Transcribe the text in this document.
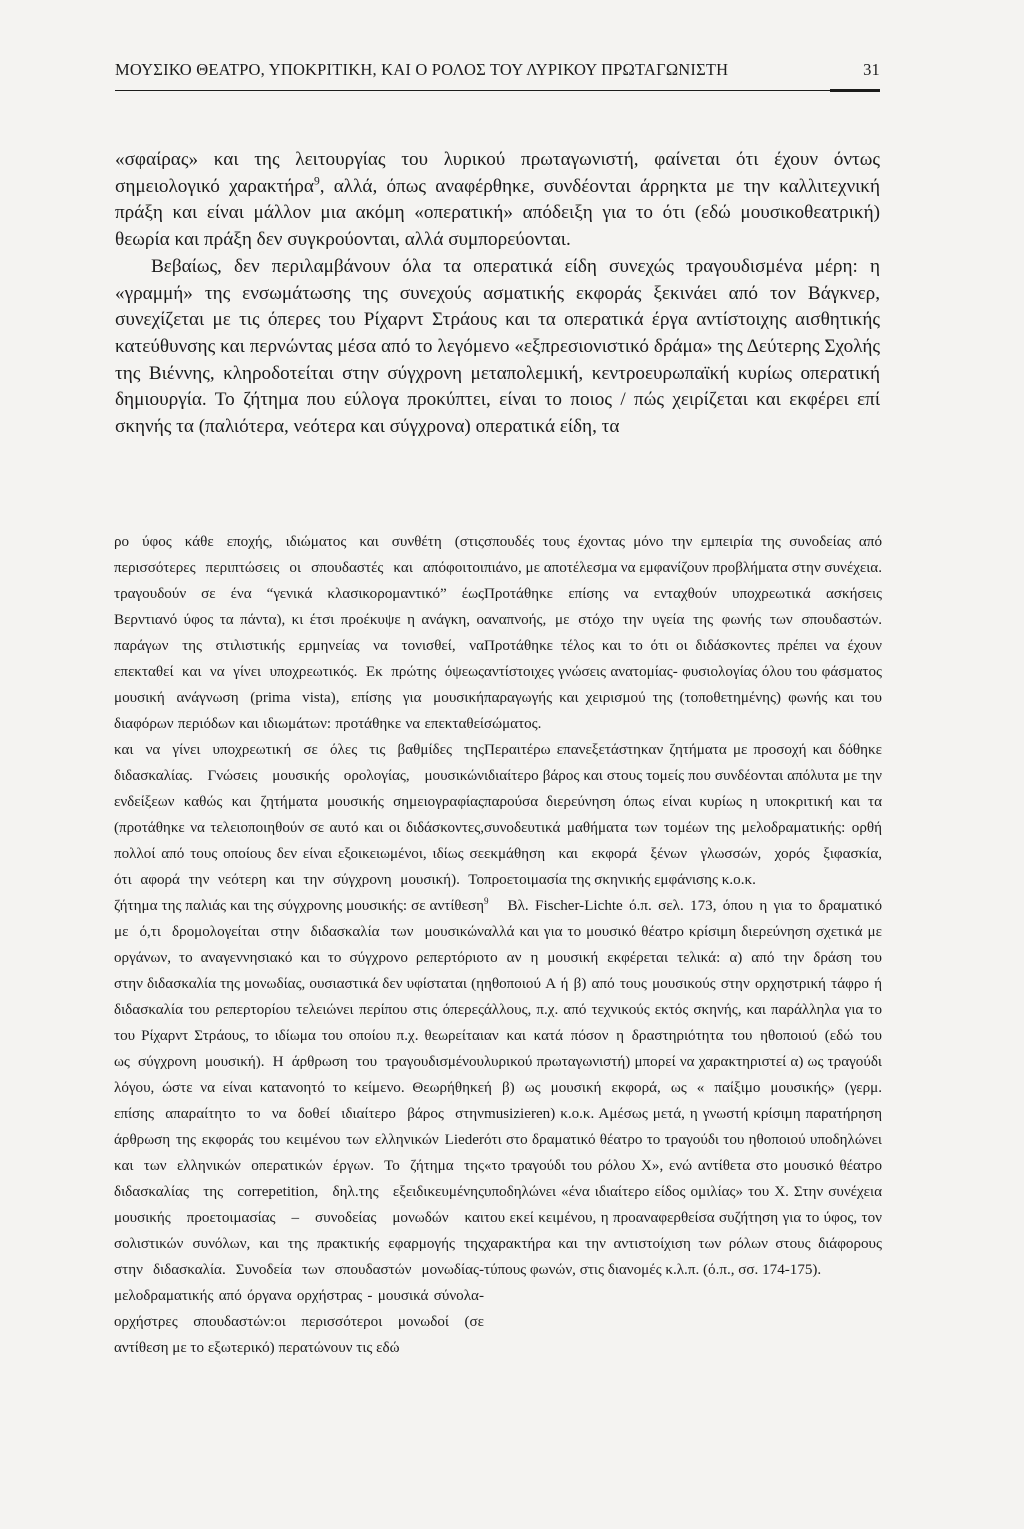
ΜΟΥΣΙΚΟ ΘΕΑΤΡΟ, ΥΠΟΚΡΙΤΙΚΗ, ΚΑΙ Ο ΡΟΛΟΣ ΤΟΥ ΛΥΡΙΚΟΥ ΠΡΩΤΑΓΩΝΙΣΤΗ	31

«σφαίρας» και της λειτουργίας του λυρικού πρωταγωνιστή, φαίνεται ότι έχουν όντως σημειολογικό χαρακτήρα$^9$, αλλά, όπως αναφέρθηκε, συνδέονται άρρηκτα με την καλλιτεχνική πράξη και είναι μάλλον μια ακόμη «οπερατική» απόδειξη για το ότι (εδώ μουσικοθεατρική) θεωρία και πράξη δεν συγκρούονται, αλλά συμπορεύονται.

Βεβαίως, δεν περιλαμβάνουν όλα τα οπερατικά είδη συνεχώς τραγουδισμένα μέρη: η «γραμμή» της ενσωμάτωσης της συνεχούς ασματικής εκφοράς ξεκινάει από τον Βάγκνερ, συνεχίζεται με τις όπερες του Ρίχαρντ Στράους και τα οπερατικά έργα αντίστοιχης αισθητικής κατεύθυνσης και περνώντας μέσα από το λεγόμενο «εξπρεσιονιστικό δράμα» της Δεύτερης Σχολής της Βιέννης, κληροδοτείται στην σύγχρονη μεταπολεμική, κεντροευρωπαϊκή κυρίως οπερατική δημιουργία. Το ζήτημα που εύλογα προκύπτει, είναι το ποιος / πώς χειρίζεται και εκφέρει επί σκηνής τα (παλιότερα, νεότερα και σύγχρονα) οπερατικά είδη, τα

ρο ύφος κάθε εποχής, ιδιώματος και συνθέτη (στις περισσότερες περιπτώσεις οι σπουδαστές και απόφοιτοι τραγουδούν σε ένα “γενικά κλασικορομαντικό” έως Βερντιανό ύφος τα πάντα), κι έτσι προέκυψε η ανάγκη, ο παράγων της στιλιστικής ερμηνείας να τονισθεί, να επεκταθεί και να γίνει υποχρεωτικός. Εκ πρώτης όψεως μουσική ανάγνωση (prima vista), επίσης για μουσική διαφόρων περιόδων και ιδιωμάτων: προτάθηκε να επεκταθεί και να γίνει υποχρεωτική σε όλες τις βαθμίδες της διδασκαλίας. Γνώσεις μουσικής ορολογίας, μουσικών ενδείξεων καθώς και ζητήματα μουσικής σημειογραφίας (προτάθηκε να τελειοποιηθούν σε αυτό και οι διδάσκοντες, πολλοί από τους οποίους δεν είναι εξοικειωμένοι, ιδίως σε ότι αφορά την νεότερη και την σύγχρονη μουσική). Το ζήτημα της παλιάς και της σύγχρονης μουσικής: σε αντίθεση με ό,τι δρομολογείται στην διδασκαλία των μουσικών οργάνων, το αναγεννησιακό και το σύγχρονο ρεπερτόριο στην διδασκαλία της μονωδίας, ουσιαστικά δεν υφίσταται (η διδασκαλία του ρεπερτορίου τελειώνει περίπου στις όπερες του Ρίχαρντ Στράους, το ιδίωμα του οποίου π.χ. θεωρείται ως σύγχρονη μουσική). Η άρθρωση του τραγουδισμένου λόγου, ώστε να είναι κατανοητό το κείμενο. Θεωρήθηκε επίσης απαραίτητο το να δοθεί ιδιαίτερο βάρος στην άρθρωση της εκφοράς του κειμένου των ελληνικών Lieder και των ελληνικών οπερατικών έργων. Το ζήτημα της διδασκαλίας της correpetition, δηλ.της εξειδικευμένης μουσικής προετοιμασίας – συνοδείας μονωδών και σολιστικών συνόλων, και της πρακτικής εφαρμογής της στην διδασκαλία. Συνοδεία των σπουδαστών μονωδίας- μελοδραματικής από όργανα ορχήστρας - μουσικά σύνολα- ορχήστρες σπουδαστών:οι περισσότεροι μονωδοί (σε αντίθεση με το εξωτερικό) περατώνουν τις εδώ

σπουδές τους έχοντας μόνο την εμπειρία της συνοδείας από πιάνο, με αποτέλεσμα να εμφανίζουν προβλήματα στην συνέχεια. Προτάθηκε επίσης να ενταχθούν υποχρεωτικά ασκήσεις αναπνοής, με στόχο την υγεία της φωνής των σπουδαστών. Προτάθηκε τέλος και το ότι οι διδάσκοντες πρέπει να έχουν αντίστοιχες γνώσεις ανατομίας- φυσιολογίας όλου του φάσματος παραγωγής και χειρισμού της (τοποθετημένης) φωνής και του σώματος.

Περαιτέρω επανεξετάστηκαν ζητήματα με προσοχή και δόθηκε ιδιαίτερο βάρος και στους τομείς που συνδέονται απόλυτα με την παρούσα διερεύνηση όπως είναι κυρίως η υποκριτική και τα συνοδευτικά μαθήματα των τομέων της μελοδραματικής: ορθή εκμάθηση και εκφορά ξένων γλωσσών, χορός ξιφασκία, προετοιμασία της σκηνικής εμφάνισης κ.ο.κ.

$^9$ Βλ. Fischer-Lichte ό.π. σελ. 173, όπου η για το δραματικό αλλά και για το μουσικό θέατρο κρίσιμη διερεύνηση σχετικά με το αν η μουσική εκφέρεται τελικά: α) από την δράση του ηθοποιού Α ή β) από τους μουσικούς στην ορχηστρική τάφρο ή άλλους, π.χ. από τεχνικούς εκτός σκηνής, και παράλληλα για το αν και κατά πόσον η δραστηριότητα του ηθοποιού (εδώ του λυρικού πρωταγωνιστή) μπορεί να χαρακτηριστεί α) ως τραγούδι ή β) ως μουσική εκφορά, ως « παίξιμο μουσικής» (γερμ. musizieren) κ.ο.κ. Αμέσως μετά, η γνωστή κρίσιμη παρατήρηση ότι στο δραματικό θέατρο το τραγούδι του ηθοποιού υποδηλώνει «το τραγούδι του ρόλου Χ», ενώ αντίθετα στο μουσικό θέατρο υποδηλώνει «ένα ιδιαίτερο είδος ομιλίας» του Χ. Στην συνέχεια του εκεί κειμένου, η προαναφερθείσα συζήτηση για το ύφος, τον χαρακτήρα και την αντιστοίχιση των ρόλων στους διάφορους τύπους φωνών, στις διανομές κ.λ.π. (ό.π., σσ. 174-175).
